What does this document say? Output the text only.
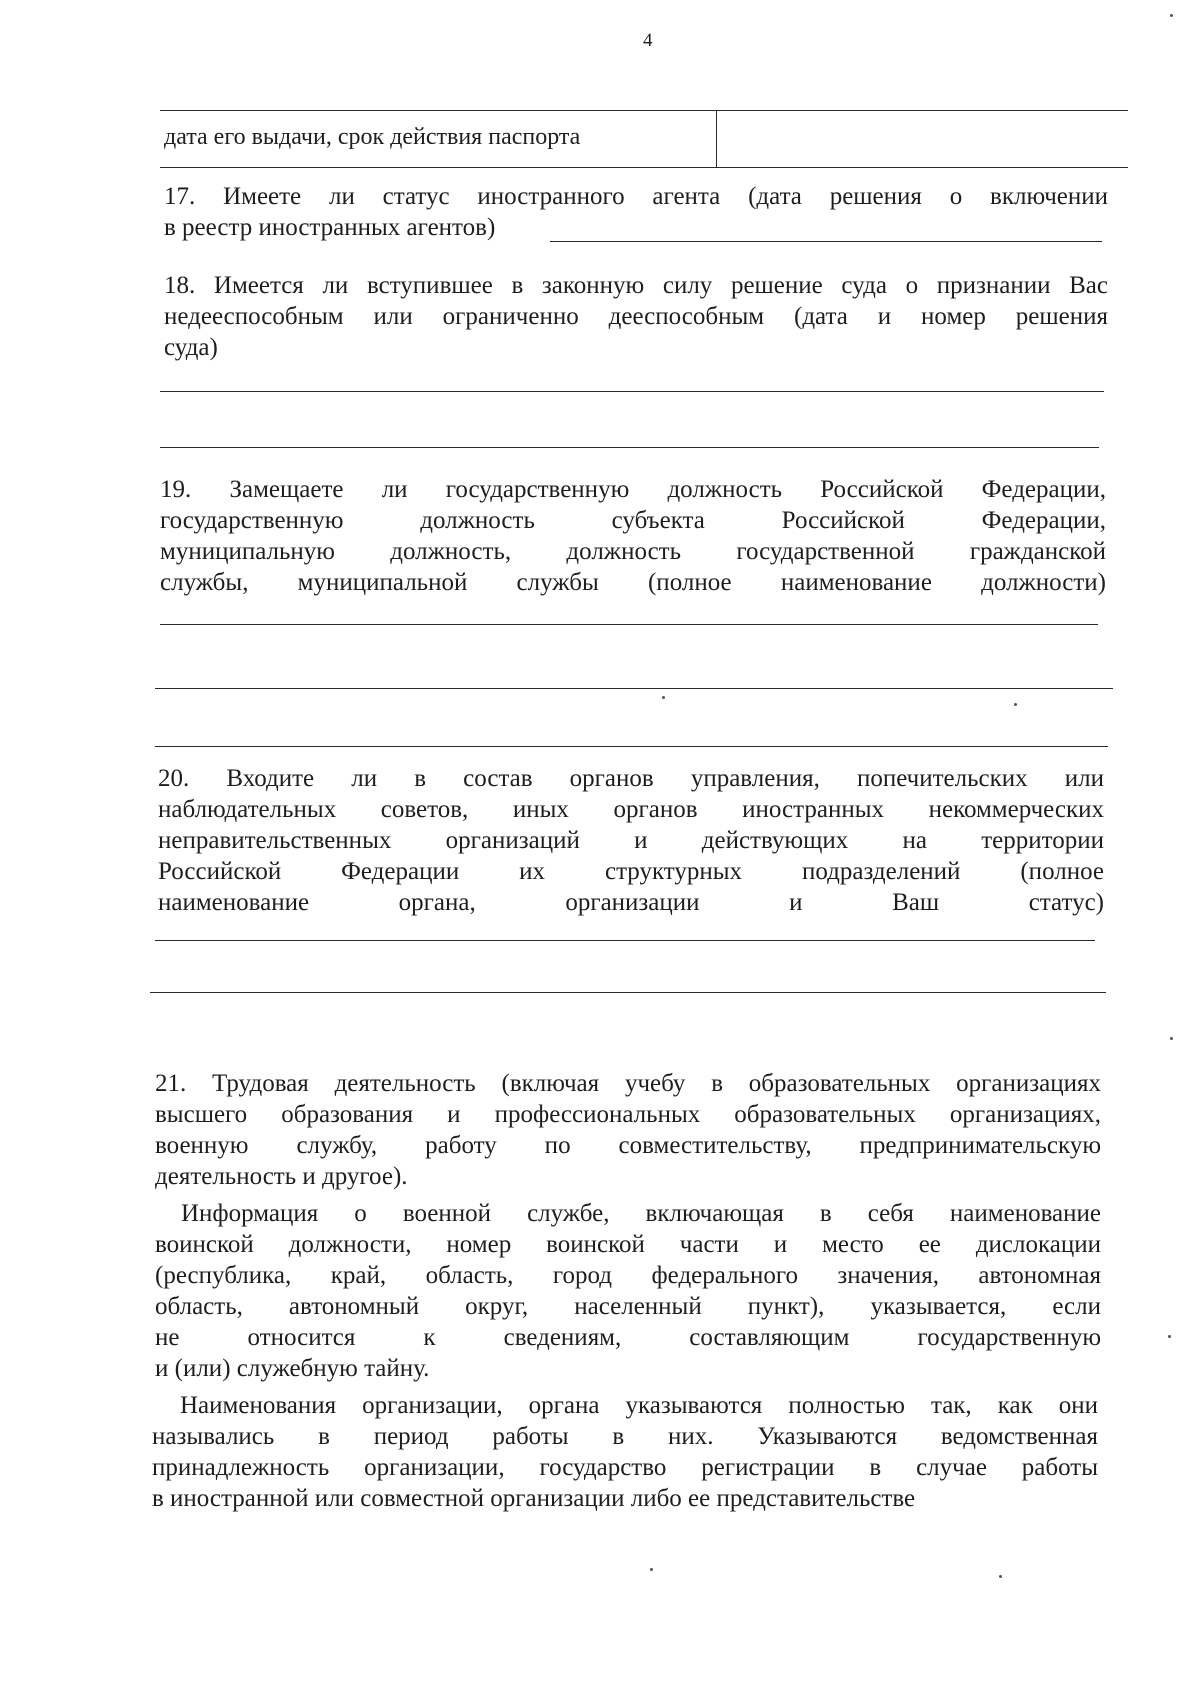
4
дата его выдачи, срок действия паспорта
17. Имеете ли статус иностранного агента (дата решения о включении
в реестр иностранных агентов)
18. Имеется ли вступившее в законную силу решение суда о признании Вас
недееспособным или ограниченно дееспособным (дата и номер решения
суда)
19. Замещаете ли государственную должность Российской Федерации,
государственную должность субъекта Российской Федерации,
муниципальную должность, должность государственной гражданской
службы, муниципальной службы (полное наименование должности)
20. Входите ли в состав органов управления, попечительских или
наблюдательных советов, иных органов иностранных некоммерческих
неправительственных организаций и действующих на территории
Российской Федерации их структурных подразделений (полное
наименование органа, организации и Ваш статус)
21. Трудовая деятельность (включая учебу в образовательных организациях
высшего образования и профессиональных образовательных организациях,
военную службу, работу по совместительству, предпринимательскую
деятельность и другое).
Информация о военной службе, включающая в себя наименование
воинской должности, номер воинской части и место ее дислокации
(республика, край, область, город федерального значения, автономная
область, автономный округ, населенный пункт), указывается, если
не относится к сведениям, составляющим государственную
и (или) служебную тайну.
Наименования организации, органа указываются полностью так, как они
назывались в период работы в них. Указываются ведомственная
принадлежность организации, государство регистрации в случае работы
в иностранной или совместной организации либо ее представительстве
